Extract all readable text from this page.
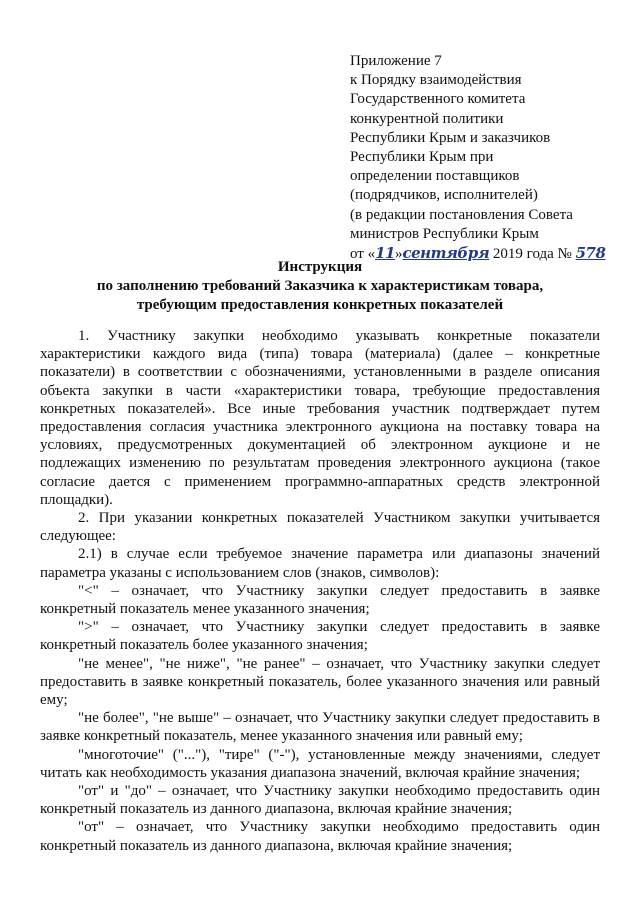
Приложение 7
к Порядку взаимодействия
Государственного комитета
конкурентной политики
Республики Крым и заказчиков
Республики Крым при
определении поставщиков
(подрядчиков, исполнителей)
(в редакции постановления Совета
министров Республики Крым
от «11»сентября 2019 года № 578
Инструкция
по заполнению требований Заказчика к характеристикам товара,
требующим предоставления конкретных показателей

1. Участнику закупки необходимо указывать конкретные показатели характеристики каждого вида (типа) товара (материала) (далее – конкретные показатели) в соответствии с обозначениями, установленными в разделе описания объекта закупки в части «характеристики товара, требующие предоставления конкретных показателей». Все иные требования участник подтверждает путем предоставления согласия участника электронного аукциона на поставку товара на условиях, предусмотренных документацией об электронном аукционе и не подлежащих изменению по результатам проведения электронного аукциона (такое согласие дается с применением программно-аппаратных средств электронной площадки).

2. При указании конкретных показателей Участником закупки учитывается следующее:

2.1) в случае если требуемое значение параметра или диапазоны значений параметра указаны с использованием слов (знаков, символов):

"<" – означает, что Участнику закупки следует предоставить в заявке конкретный показатель менее указанного значения;

">" – означает, что Участнику закупки следует предоставить в заявке конкретный показатель более указанного значения;

"не менее", "не ниже", "не ранее" – означает, что Участнику закупки следует предоставить в заявке конкретный показатель, более указанного значения или равный ему;

"не более", "не выше" – означает, что Участнику закупки следует предоставить в заявке конкретный показатель, менее указанного значения или равный ему;

"многоточие" ("..."), "тире" ("-"), установленные между значениями, следует читать как необходимость указания диапазона значений, включая крайние значения;

"от" и "до" – означает, что Участнику закупки необходимо предоставить один конкретный показатель из данного диапазона, включая крайние значения;

"от" – означает, что Участнику закупки необходимо предоставить один конкретный показатель из данного диапазона, включая крайние значения;
